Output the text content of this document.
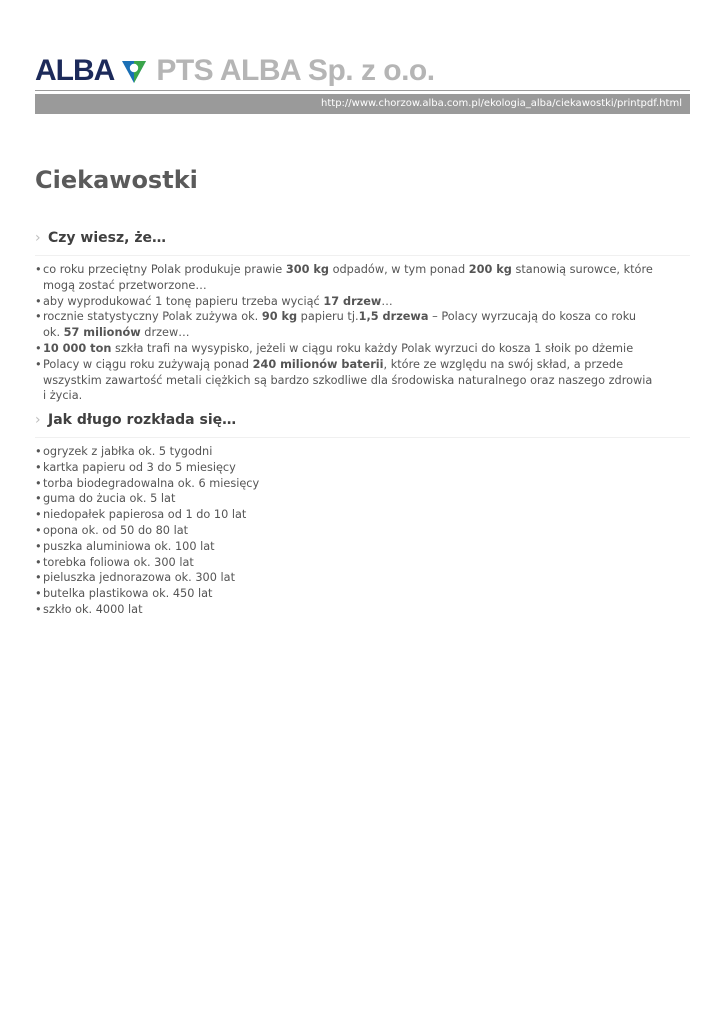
ALBA PTS ALBA Sp. z o.o.
http://www.chorzow.alba.com.pl/ekologia_alba/ciekawostki/printpdf.html
Ciekawostki
› Czy wiesz, że…
• co roku przeciętny Polak produkuje prawie 300 kg odpadów, w tym ponad 200 kg stanowią surowce, które mogą zostać przetworzone…
• aby wyprodukować 1 tonę papieru trzeba wyciąć 17 drzew…
• rocznie statystyczny Polak zużywa ok. 90 kg papieru tj.1,5 drzewa – Polacy wyrzucają do kosza co roku ok. 57 milionów drzew…
• 10 000 ton szkła trafi na wysypisko, jeżeli w ciągu roku każdy Polak wyrzuci do kosza 1 słoik po dżemie
• Polacy w ciągu roku zużywają ponad 240 milionów baterii, które ze względu na swój skład, a przede wszystkim zawartość metali ciężkich są bardzo szkodliwe dla środowiska naturalnego oraz naszego zdrowia i życia.
› Jak długo rozkłada się…
• ogryzek z jabłka ok. 5 tygodni
• kartka papieru od 3 do 5 miesięcy
• torba biodegradowalna ok. 6 miesięcy
• guma do żucia ok. 5 lat
• niedopałek papierosa od 1 do 10 lat
• opona ok. od 50 do 80 lat
• puszka aluminiowa ok. 100 lat
• torebka foliowa ok. 300 lat
• pieluszka jednorazowa ok. 300 lat
• butelka plastikowa ok. 450 lat
• szkło ok. 4000 lat
